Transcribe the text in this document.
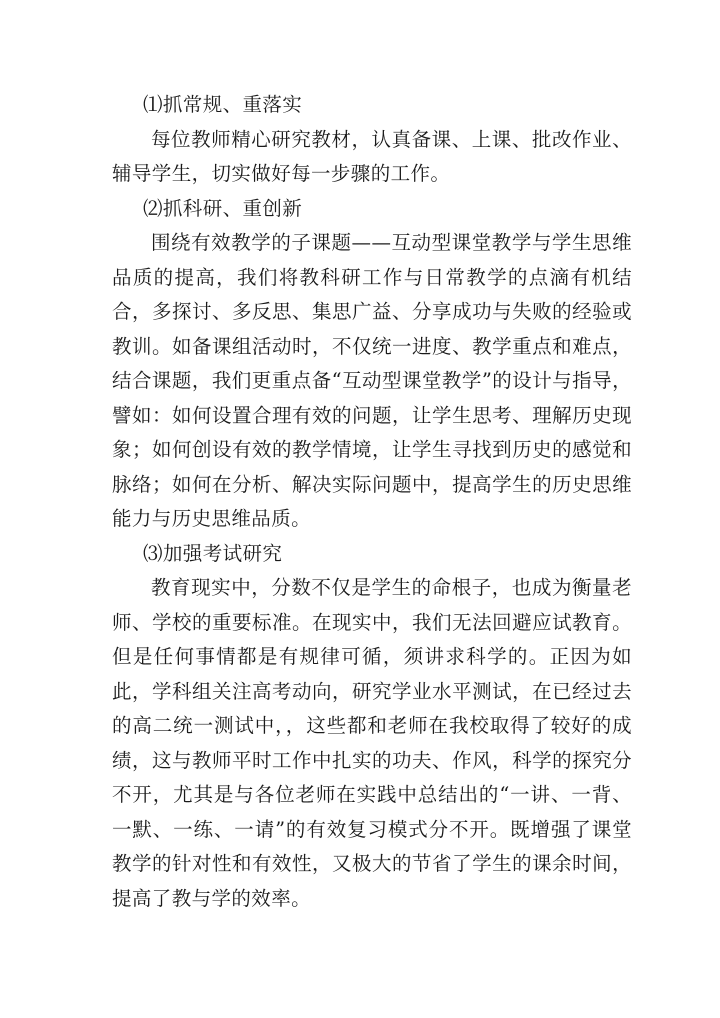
⑴抓常规、重落实

每位教师精心研究教材，认真备课、上课、批改作业、辅导学生，切实做好每一步骤的工作。

⑵抓科研、重创新

围绕有效教学的子课题——互动型课堂教学与学生思维品质的提高，我们将教科研工作与日常教学的点滴有机结合，多探讨、多反思、集思广益、分享成功与失败的经验或教训。如备课组活动时，不仅统一进度、教学重点和难点，结合课题，我们更重点备“互动型课堂教学”的设计与指导，譬如：如何设置合理有效的问题，让学生思考、理解历史现象；如何创设有效的教学情境，让学生寻找到历史的感觉和脉络；如何在分析、解决实际问题中，提高学生的历史思维能力与历史思维品质。

⑶加强考试研究

教育现实中，分数不仅是学生的命根子，也成为衡量老师、学校的重要标准。在现实中，我们无法回避应试教育。但是任何事情都是有规律可循，须讲求科学的。正因为如此，学科组关注高考动向，研究学业水平测试，在已经过去的高二统一测试中，，这些都和老师在我校取得了较好的成绩，这与教师平时工作中扎实的功夫、作风，科学的探究分不开，尤其是与各位老师在实践中总结出的“一讲、一背、一默、一练、一请”的有效复习模式分不开。既增强了课堂教学的针对性和有效性，又极大的节省了学生的课余时间，提高了教与学的效率。
